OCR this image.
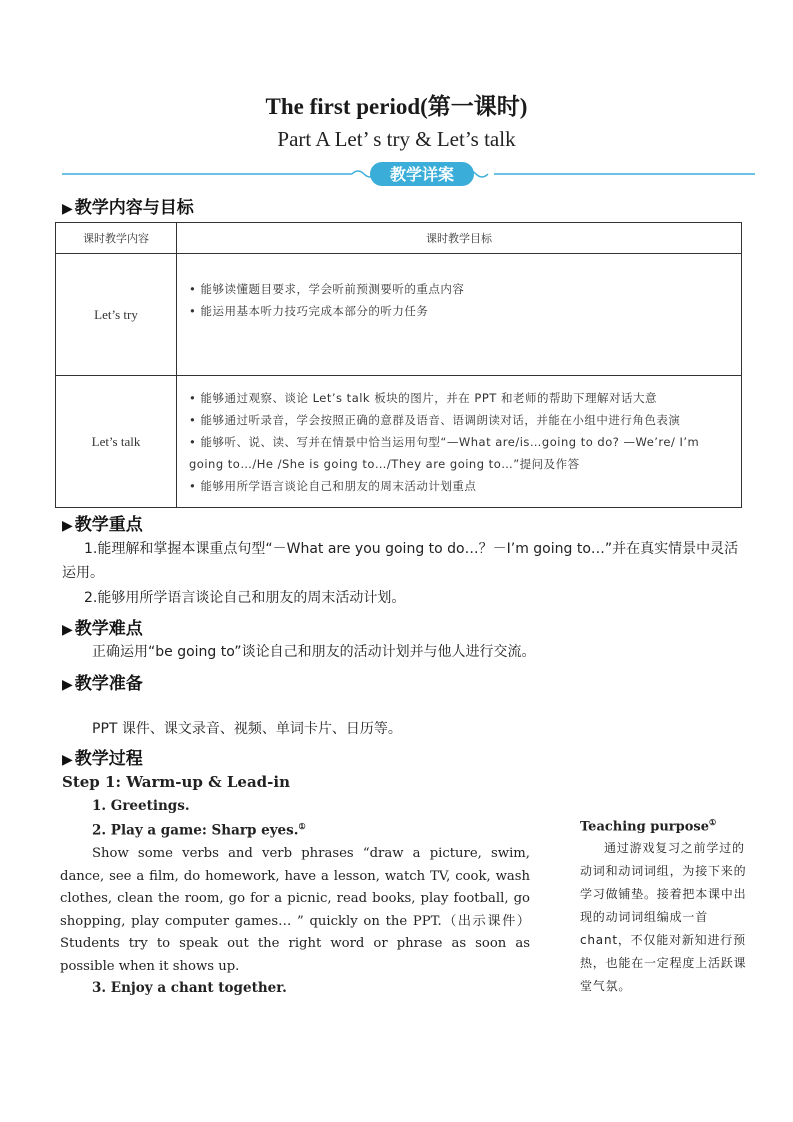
The first period(第一课时)
Part A Let’ s try & Let’s talk
教学详案
▶ 教学内容与目标
课时教学内容	课时教学目标
Let’s try	• 能够读懂题目要求，学会听前预测要听的重点内容
• 能运用基本听力技巧完成本部分的听力任务

Let’s talk	• 能够通过观察、谈论 Let’s talk 板块的图片，并在 PPT 和老师的帮助下理解对话大意
• 能够通过听录音，学会按照正确的意群及语音、语调朗读对话，并能在小组中进行角色表演
• 能够听、说、读、写并在情景中恰当运用句型“—What are/is…going to do? —We’re/ I’m going to…/He /She is going to…/They are going to…”提问及作答
• 能够用所学语言谈论自己和朋友的周末活动计划重点
▶ 教学重点
1.能理解和掌握本课重点句型“－What are you going to do…？－I’m going to…”并在真实情景中灵活运用。
2.能够用所学语言谈论自己和朋友的周末活动计划。
▶ 教学难点
正确运用“be going to”谈论自己和朋友的活动计划并与他人进行交流。
▶ 教学准备
PPT 课件、课文录音、视频、单词卡片、日历等。
▶ 教学过程
Step 1: Warm-up & Lead-in
1. Greetings.
2. Play a game: Sharp eyes.①
Show some verbs and verb phrases “draw a picture, swim, dance, see a film, do homework, have a lesson, watch TV, cook, wash clothes, clean the room, go for a picnic, read books, play football, go shopping, play computer games… ” quickly on the PPT.（出示课件） Students try to speak out the right word or phrase as soon as possible when it shows up.
3. Enjoy a chant together.
Teaching purpose①
通过游戏复习之前学过的动词和动词词组，为接下来的学习做铺垫。接着把本课中出现的动词词组编成一首 chant，不仅能对新知进行预热，也能在一定程度上活跃课堂气氛。
